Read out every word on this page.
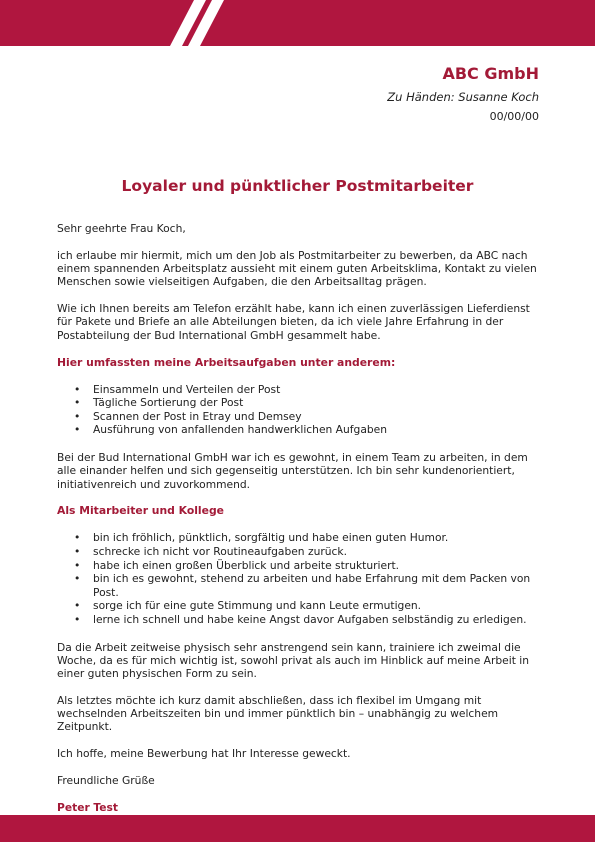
ABC GmbH
Zu Händen: Susanne Koch
00/00/00
Loyaler und pünktlicher Postmitarbeiter

Sehr geehrte Frau Koch,

ich erlaube mir hiermit, mich um den Job als Postmitarbeiter zu bewerben, da ABC nach einem spannenden Arbeitsplatz aussieht mit einem guten Arbeitsklima, Kontakt zu vielen Menschen sowie vielseitigen Aufgaben, die den Arbeitsalltag prägen.

Wie ich Ihnen bereits am Telefon erzählt habe, kann ich einen zuverlässigen Lieferdienst für Pakete und Briefe an alle Abteilungen bieten, da ich viele Jahre Erfahrung in der Postabteilung der Bud International GmbH gesammelt habe.

Hier umfassten meine Arbeitsaufgaben unter anderem:
• Einsammeln und Verteilen der Post
• Tägliche Sortierung der Post
• Scannen der Post in Etray und Demsey
• Ausführung von anfallenden handwerklichen Aufgaben

Bei der Bud International GmbH war ich es gewohnt, in einem Team zu arbeiten, in dem alle einander helfen und sich gegenseitig unterstützen. Ich bin sehr kundenorientiert, initiativenreich und zuvorkommend.

Als Mitarbeiter und Kollege
• bin ich fröhlich, pünktlich, sorgfältig und habe einen guten Humor.
• schrecke ich nicht vor Routineaufgaben zurück.
• habe ich einen großen Überblick und arbeite strukturiert.
• bin ich es gewohnt, stehend zu arbeiten und habe Erfahrung mit dem Packen von Post.
• sorge ich für eine gute Stimmung und kann Leute ermutigen.
• lerne ich schnell und habe keine Angst davor Aufgaben selbständig zu erledigen.

Da die Arbeit zeitweise physisch sehr anstrengend sein kann, trainiere ich zweimal die Woche, da es für mich wichtig ist, sowohl privat als auch im Hinblick auf meine Arbeit in einer guten physischen Form zu sein.

Als letztes möchte ich kurz damit abschließen, dass ich flexibel im Umgang mit wechselnden Arbeitszeiten bin und immer pünktlich bin – unabhängig zu welchem Zeitpunkt.

Ich hoffe, meine Bewerbung hat Ihr Interesse geweckt.

Freundliche Grüße

Peter Test
